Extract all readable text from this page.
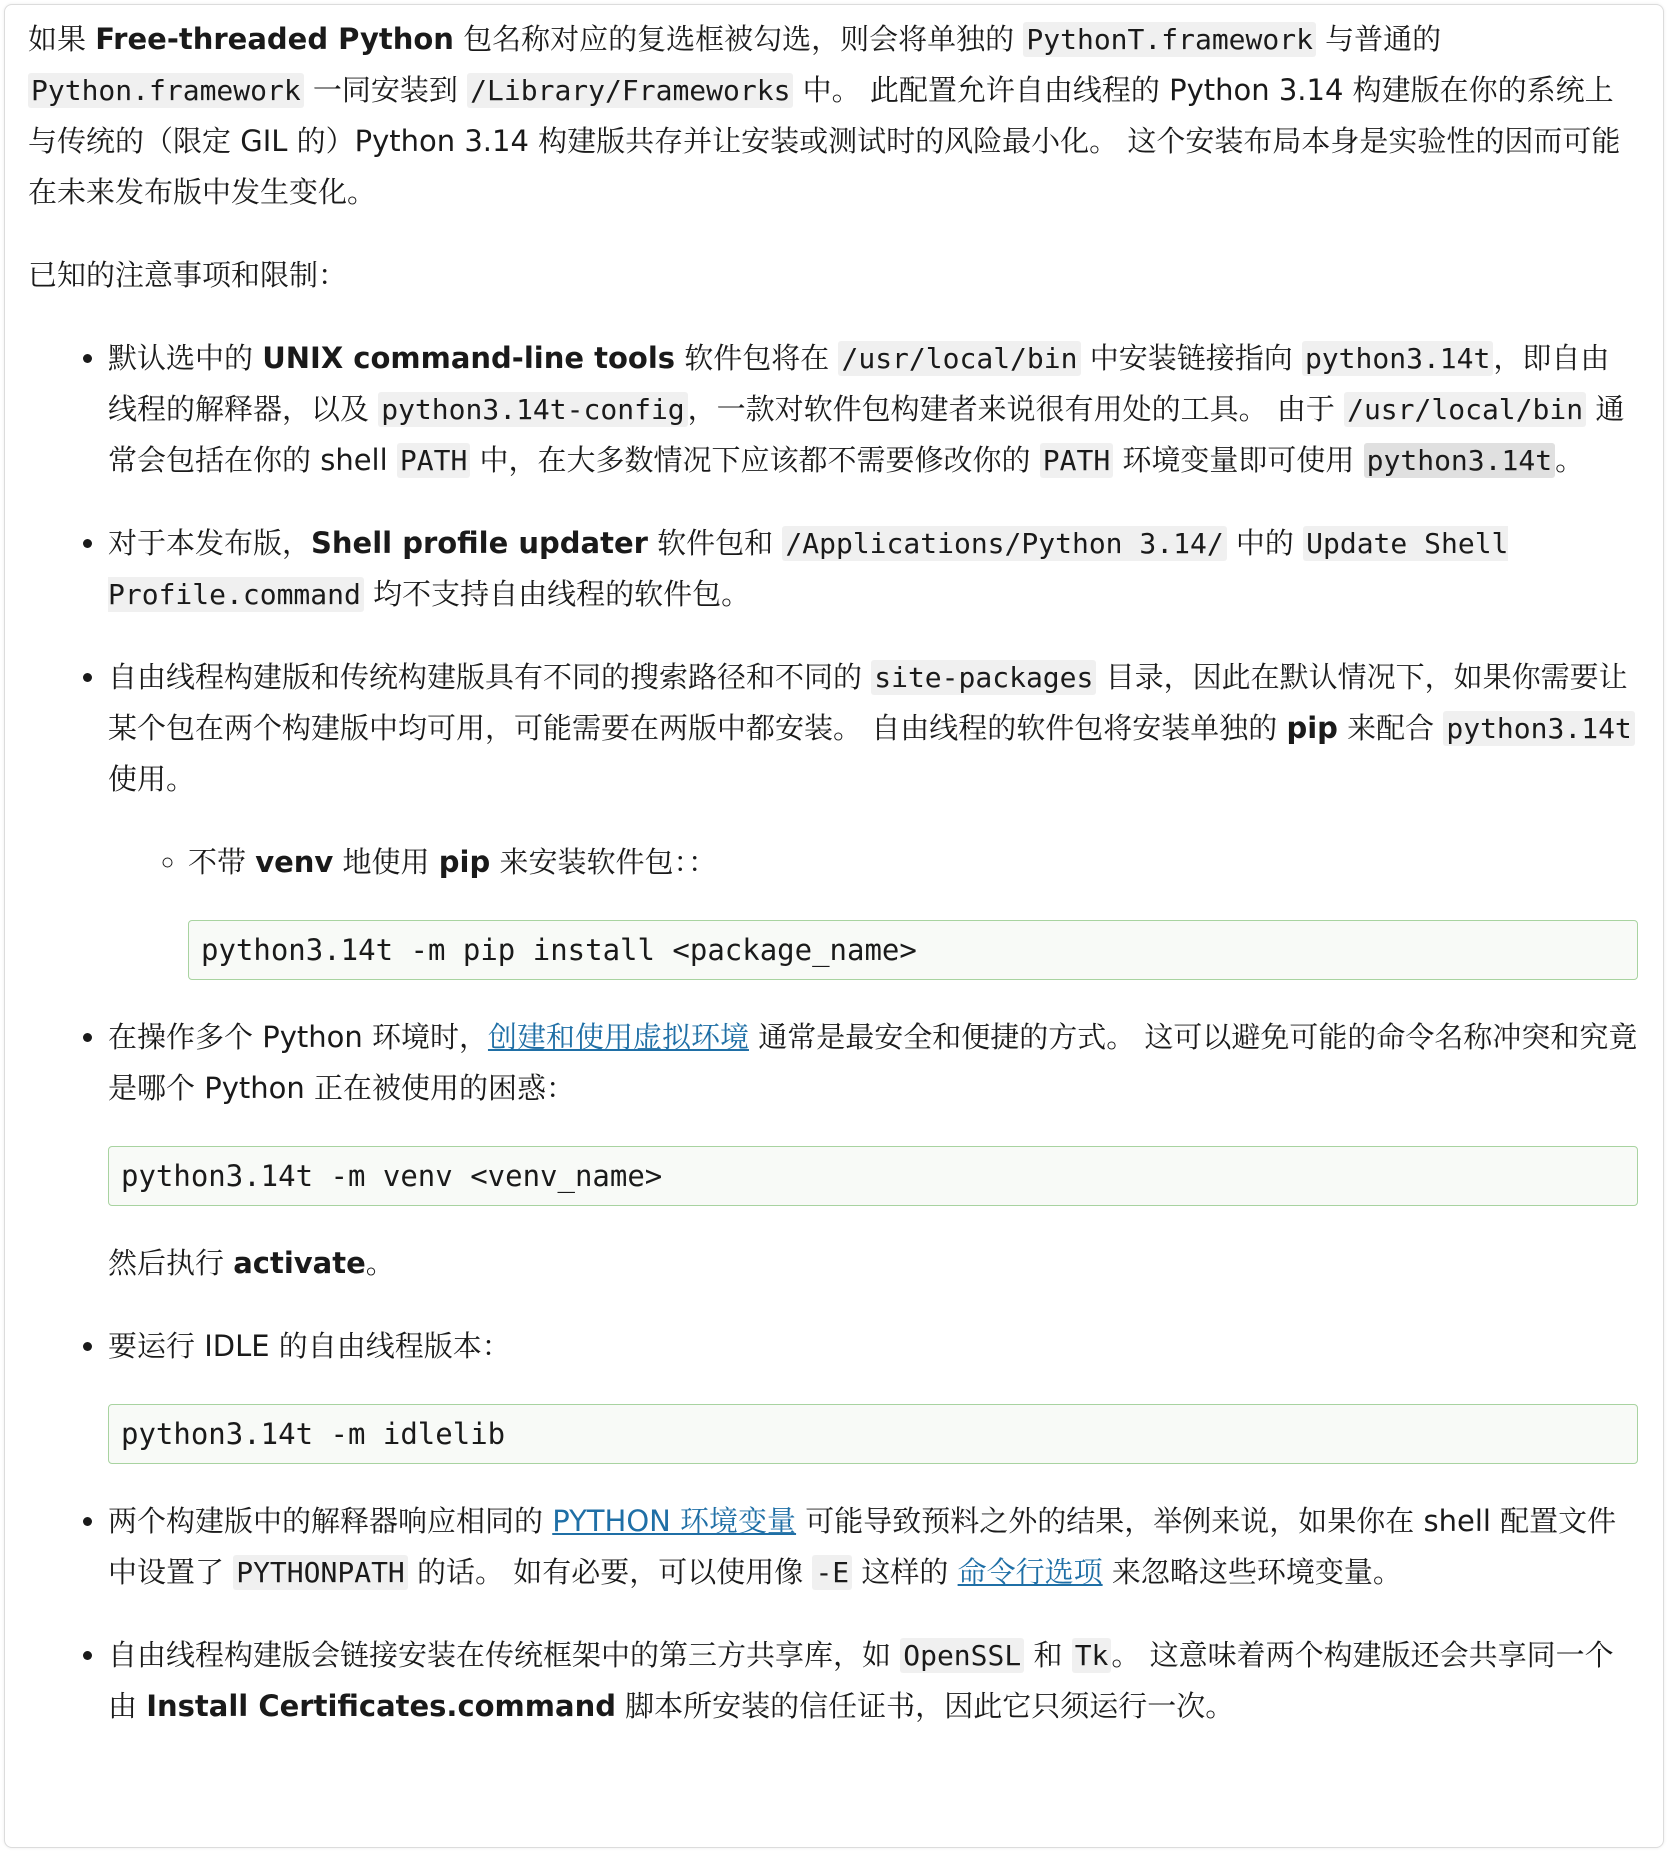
如果 Free-threaded Python 包名称对应的复选框被勾选，则会将单独的 PythonT.framework 与普通的 Python.framework 一同安装到 /Library/Frameworks 中。 此配置允许自由线程的 Python 3.14 构建版在你的系统上与传统的（限定 GIL 的）Python 3.14 构建版共存并让安装或测试时的风险最小化。 这个安装布局本身是实验性的因而可能在未来发布版中发生变化。

已知的注意事项和限制：

• 默认选中的 UNIX command-line tools 软件包将在 /usr/local/bin 中安装链接指向 python3.14t ，即自由线程的解释器，以及 python3.14t-config ，一款对软件包构建者来说很有用处的工具。 由于 /usr/local/bin 通常会包括在你的 shell PATH 中，在大多数情况下应该都不需要修改你的 PATH 环境变量即可使用 python3.14t 。
• 对于本发布版，Shell profile updater 软件包和 /Applications/Python 3.14/ 中的 Update Shell Profile.command 均不支持自由线程的软件包。

• 自由线程构建版和传统构建版具有不同的搜索路径和不同的 site-packages 目录，因此在默认情况下，如果你需要让某个包在两个构建版中均可用，可能需要在两版中都安装。 自由线程的软件包将安装单独的 pip 来配合 python3.14t 使用。

◦ 不带 venv 地使用 pip 来安装软件包：：

python3.14t -m pip install <package_name>

• 在操作多个 Python 环境时，创建和使用虚拟环境 通常是最安全和便捷的方式。 这可以避免可能的命令名称冲突和究竟是哪个 Python 正在被使用的困惑：

python3.14t -m venv <venv_name>

然后执行 activate。

• 要运行 IDLE 的自由线程版本：

python3.14t -m idlelib
• 两个构建版中的解释器响应相同的 PYTHON 环境变量 可能导致预料之外的结果，举例来说，如果你在 shell 配置文件中设置了 PYTHONPATH 的话。 如有必要，可以使用像 -E 这样的 命令行选项 来忽略这些环境变量。
• 自由线程构建版会链接安装在传统框架中的第三方共享库，如 OpenSSL 和 Tk 。 这意味着两个构建版还会共享同一个由 Install Certificates.command 脚本所安装的信任证书，因此它只须运行一次。
